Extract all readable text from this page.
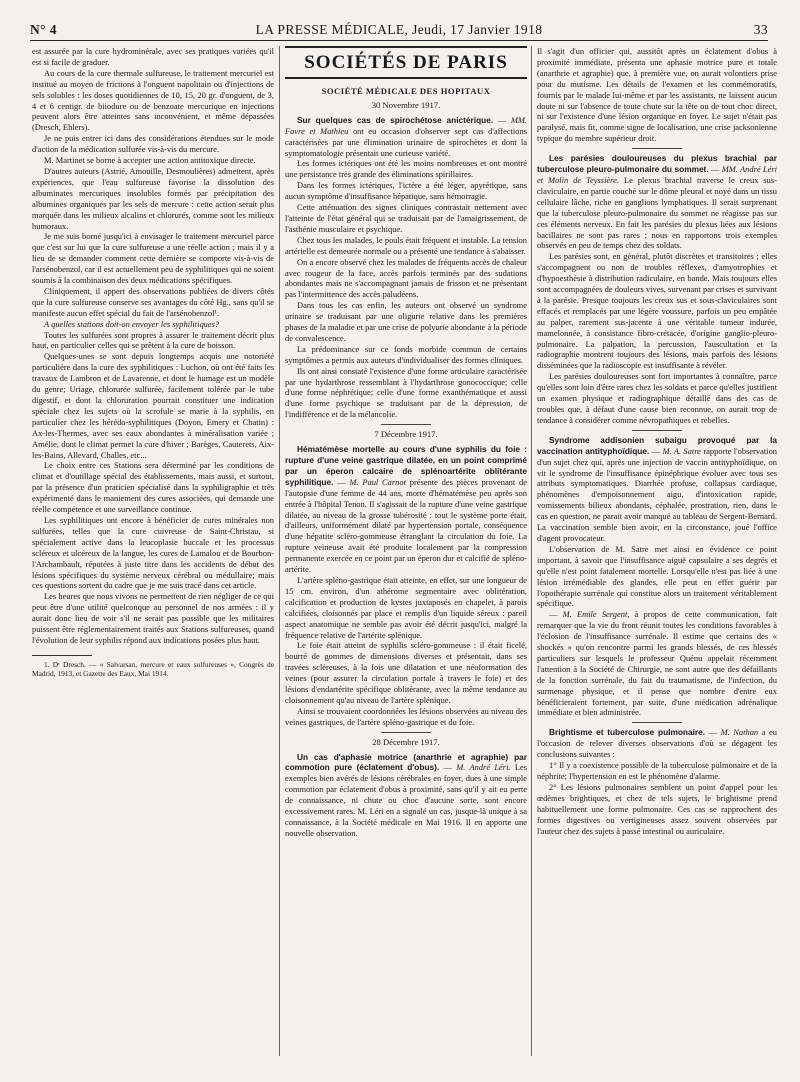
N° 4	LA PRESSE MÉDICALE, Jeudi, 17 Janvier 1918	33

est assurée par la cure hydrominérale, avec ses pratiques variées qu'il est si facile de graduer.

Au cours de la cure thermale sulfureuse, le traitement mercuriel est institué au moyen de frictions à l'onguent napolitain ou d'injections de sels solubles : les doses quotidiennes de 10, 15, 20 gr. d'onguent, de 3, 4 et 6 centigr. de biiodure ou de benzoate mercurique en injections peuvent alors être atteintes sans inconvénient, et même dépassées (Dresch, Ehlers).

Je ne puis entrer ici dans des considérations étendues sur le mode d'action de la médication sulfurée vis-à-vis du mercure.

M. Martinet se borne à accepter une action antitoxique directe.

D'autres auteurs (Astrié, Amouille, Desmoulières) admettent, après expériences, que l'eau sulfureuse favorise la dissolution des albuminates mercuriques insolubles formés par précipitation des albumines organiques par les sels de mercure : cette action serait plus marquée dans les milieux alcalins et chlorurés, comme sont les milieux humoraux.

Je me suis borné jusqu'ici à envisager le traitement mercuriel parce que c'est sur lui que la cure sulfureuse a une réelle action ; mais il y a lieu de se demander comment cette dernière se comporte vis-à-vis de l'arsénobenzol, car il est actuellement peu de syphilitiques qui ne soient soumis à la combinaison des deux médications spécifiques.

Cliniquement, il appert des observations publiées de divers côtés que la cure sulfureuse conserve ses avantages du côté Hg., sans qu'il se manifeste aucun effet spécial du fait de l'arsénobenzol¹.

A quelles stations doit-on envoyer les syphilitiques?

Toutes les sulfurées sont propres à assurer le traitement décrit plus haut, en particulier celles qui se prêtent à la cure de boisson.

Quelques-unes se sont depuis longtemps acquis une notoriété particulière dans la cure des syphilitiques : Luchon, où ont été faits les travaux de Lambron et de Lavarenne, et dont le humage est un modèle du genre; Uriage, chlorurée sulfurée, facilement tolérée par le tube digestif, et dont la chloruration pourrait constituer une indication spéciale chez les sujets où la scrofule se marie à la syphilis, en particulier chez les hérédo-syphilitiques (Doyon, Emery et Chatin) : Ax-les-Thermes, avec ses eaux abondantes à minéralisation variée ; Amélie, dont le climat permet la cure d'hiver ; Barèges, Cauterets, Aix-les-Bains, Allevard, Challes, etc...

Le choix entre ces Stations sera déterminé par les conditions de climat et d'outillage spécial des établissements, mais aussi, et surtout, par la présence d'un praticien spécialisé dans la syphiligraphie et très expérimenté dans le maniement des cures associées, qui demande une réelle compétence et une surveillance continue.

Les syphilitiques ont encore à bénéficier de cures minérales non sulfurées, telles que la cure cuivreuse de Saint-Christau, si spécialement active dans la leucoplasie buccale et les processus scléreux et ulcéreux de la langue, les cures de Lamalou et de Bourbon-l'Archambault, réputées à juste titre dans les accidents de début des lésions spécifiques du système nerveux cérébral ou médullaire; mais ces questions sortent du cadre que je me suis tracé dans cet article.

Les heures que nous vivons ne permettent de rien négliger de ce qui peut être d'une utilité quelconque au personnel de nos armées : il y aurait donc lieu de voir s'il ne serait pas possible que les militaires puissent être réglementairement traités aux Stations sulfureuses, quand l'évolution de leur syphilis répond aux indications posées plus haut.

1. Dʳ Dresch. — « Salvarsan, mercure et eaux sulfureuses », Congrès de Madrid, 1913, et Gazette des Eaux, Mai 1914.

SOCIÉTÉS DE PARIS
SOCIÉTÉ MÉDICALE DES HOPITAUX
30 Novembre 1917.

Sur quelques cas de spirochétose anictérique. — MM. Favre et Mathieu ont eu occasion d'observer sept cas d'affections caractérisées par une élimination urinaire de spirochètes et dont la symptomatologie présentait une curieuse variété.

Les formes ictériques ont été les moins nombreuses et ont montré une persistance très grande des éliminations spirillaires.

Dans les formes ictériques, l'ictère a été léger, apyrétique, sans aucun symptôme d'insuffisance hépatique, sans hémorragie.

Cette atténuation des signes cliniques contrastait nettement avec l'atteinte de l'état général qui se traduisait par de l'amaigrissement, de l'asthénie musculaire et psychique.

Chez tous les malades, le pouls était fréquent et instable. La tension artérielle est demeurée normale ou a présenté une tendance à s'abaisser.

On a encore observé chez les malades de fréquents accès de chaleur avec rougeur de la face, accès parfois terminés par des sudations abondantes mais ne s'accompagnant jamais de frisson et ne présentant pas l'intermittence des accès paludéens.

Dans tous les cas enfin, les auteurs ont observé un syndrome urinaire se traduisant par une oligurie relative dans les premières phases de la maladie et par une crise de polyurie abondante à la période de convalescence.

La prédominance sur ce fonds morbide commun de certains symptômes a permis aux auteurs d'individualiser des formes cliniques.

Ils ont ainsi constaté l'existence d'une forme articulaire caractérisée par une hydarthrose ressemblant à l'hydarthrose gonococcique; celle d'une forme néphrétique; celle d'une forme exanthématique et aussi d'une forme psychique se traduisant par de la dépression, de l'indifférence et de la mélancolie.

7 Décembre 1917.

Hématémèse mortelle au cours d'une syphilis du foie : rupture d'une veine gastrique dilatée, en un point comprimé par un éperon calcaire de splénoartérite oblitérante syphilitique. — M. Paul Carnot présente des pièces provenant de l'autopsie d'une femme de 44 ans, morte d'hématémèse peu après son entrée à l'hôpital Tenon. Il s'agissait de la rupture d'une veine gastrique dilatée, au niveau de la grosse tubérosité : tout le système porte était, d'ailleurs, uniformément dilaté par hypertension portale, conséquence d'une hépatite scléro-gommeuse étranglant la circulation du foie. La rupture veineuse avait été produite localement par la compression permanente exercée en ce point par un éperon dur et calcifié de spléno-artérite.

L'artère spléno-gastrique était atteinte, en effet, sur une longueur de 15 cm. environ, d'un athérome segmentaire avec oblitération, calcification et production de kystes juxtaposés en chapelet, à parois calcifiées, cloisonnés par place et remplis d'un liquide séreux : pareil aspect anatomique ne semble pas avoir été décrit jusqu'ici, malgré la fréquence relative de l'artérite splénique.

Le foie était atteint de syphilis scléro-gommeuse : il était ficelé, bourré de gommes de dimensions diverses et présentait, dans ses travées scléreuses, à la fois une dilatation et une néoformation des veines (pour assurer la circulation portale à travers le foie) et des lésions d'endartérite spécifique oblitérante, avec la même tendance au cloisonnement qu'au niveau de l'artère splénique.

Ainsi se trouvaient coordonnées les lésions observées au niveau des veines gastriques, de l'artère spléno-gastrique et du foie.

28 Décembre 1917.

Un cas d'aphasie motrice (anarthrie et agraphie) par commotion pure (éclatement d'obus). — M. André Léri. Les exemples bien avérés de lésions cérébrales en foyer, dues à une simple commotion par éclatement d'obus à proximité, sans qu'il y ait eu perte de connaissance, ni chute ou choc d'aucune sorte, sont encore excessivement rares. M. Léri en a signalé un cas, jusque-là unique à sa connaissance, à la Société médicale en Mai 1916. Il en apporte une nouvelle observation.

Il s'agit d'un officier qui, aussitôt après un éclatement d'obus à proximité immédiate, présenta une aphasie motrice pure et totale (anarthrie et agraphie) que, à première vue, on aurait volontiers prise pour du mutisme. Les détails de l'examen et les commémoratifs, fournis par le malade lui-même et par les assistants, ne laissent aucun doute ni sur l'absence de toute chute sur la tête ou de tout choc direct, ni sur l'existence d'une lésion organique en foyer. Le sujet n'était pas paralysé, mais fit, comme signe de localisation, une crise jacksonienne typique du membre supérieur droit.

Les parésies douloureuses du plexus brachial par tuberculose pleuro-pulmonaire du sommet. — MM. André Léri et Molin de Teyssière. Le plexus brachial traverse le creux sus-claviculaire, en partie couché sur le dôme pleural et noyé dans un tissu cellulaire lâche, riche en ganglions lymphatiques. Il serait surprenant que la tuberculose pleuro-pulmonaire du sommet ne réagisse pas sur ces éléments nerveux. En fait les parésies du plexus liées aux lésions bacillaires ne sont pas rares ; nous en rapportons trois exemples observés en peu de temps chez des soldats.

Les parésies sont, en général, plutôt discrètes et transitoires ; elles s'accompagnent ou non de troubles réflexes, d'amyotrophies et d'hypoesthésie à distribution radiculaire, en bande. Mais toujours elles sont accompagnées de douleurs vives, survenant par crises et survivant à la parésie. Presque toujours les creux sus et sous-claviculaires sont effacés et remplacés par une légère voussure, parfois un peu empâtée au palper, rarement sus-jacente à une véritable tumeur indurée, mamelonnée, à consistance fibro-crétacée, d'origine ganglio-pleuro-pulmonaire. La palpation, la percussion, l'auscultation et la radiographie montrent toujours des lésions, mais parfois des lésions disséminées que la radioscopie est insuffisante à révéler.

Les parésies douloureuses sont fort importantes à connaître, parce qu'elles sont loin d'être rares chez les soldats et parce qu'elles justifient un examen physique et radiographique détaillé dans des cas de troubles que, à défaut d'une cause bien reconnue, on aurait trop de tendance à considérer comme névropathiques et rebelles.

Syndrome addisonien subaigu provoqué par la vaccination antityphoïdique. — M. A. Satre rapporte l'observation d'un sujet chez qui, après une injection de vaccin antityphoïdique, on vit le syndrome de l'insuffisance épinéphrique évoluer avec tous ses attributs symptomatiques. Diarrhée profuse, collapsus cardiaque, phénomènes d'empoisonnement aigu, d'intoxication rapide, vomissements bilieux abondants, céphalée, prostration, rien, dans le cas en question, ne parait avoir manqué au tableau de Sergent-Bernard. La vaccination semble bien avoir, en la circonstance, joué l'office d'agent provocateur.

L'observation de M. Satre met ainsi en évidence ce point important, à savoir que l'insuffisance aiguë capsulaire a ses degrés et qu'elle n'est point fatalement mortelle. Lorsqu'elle n'est pas liée à une lésion irrémédiable des glandes, elle peut en effet guérir par l'opothérapie surrénale qui constitue alors un traitement véritablement spécifique.

— M. Emile Sergent, à propos de cette communication, fait remarquer que la vie du front réunit toutes les conditions favorables à l'éclosion de l'insuffisance surrénale. Il estime que certains des « shockés » qu'on rencontre parmi les grands blessés, de ces blessés particuliers sur lesquels le professeur Quénu appelait récemment l'attention à la Société de Chirurgie, ne sont autre que des défaillants de la fonction surrénale, du fait du traumatisme, de l'infection, du surmenage physique, et il pense que nombre d'entre eux bénéficieraient fortement, par suite, d'une médication adrénalique immédiate et bien administrée.

Brightisme et tuberculose pulmonaire. — M. Nathan a eu l'occasion de relever diverses observations d'où se dégagent les conclusions suivantes :

1° Il y a coexistence possible de la tuberculose pulmonaire et de la néphrite; l'hypertension en est le phénomène d'alarme.

2° Les lésions pulmonaires semblent un point d'appel pour les œdèmes brightiques, et chez de tels sujets, le brightisme prend habituellement une forme pulmonaire. Ces cas se rapprochent des formes digestives ou vertigineuses assez souvent observées par l'auteur chez des sujets à passé intestinal ou auriculaire.
